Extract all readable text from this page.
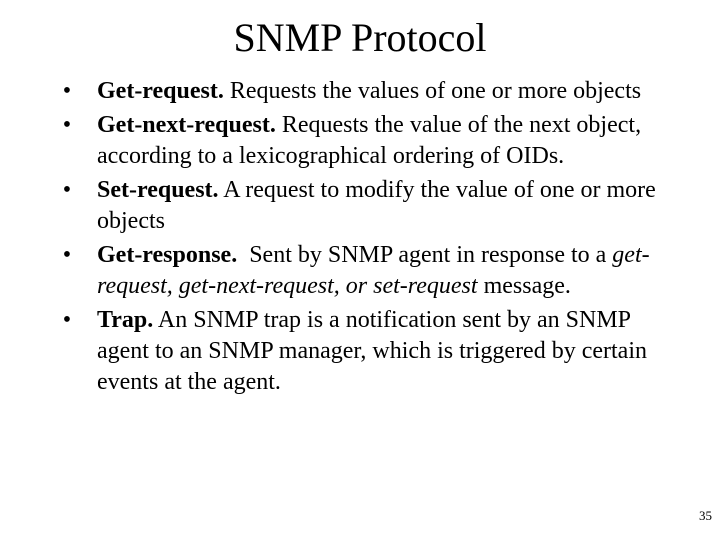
SNMP Protocol
• Get-request. Requests the values of one or more objects
• Get-next-request. Requests the value of the next object, according to a lexicographical ordering of OIDs.
• Set-request. A request to modify the value of one or more objects
• Get-response.  Sent by SNMP agent in response to a get-request, get-next-request, or set-request message.
• Trap. An SNMP trap is a notification sent by an SNMP agent to an SNMP manager, which is triggered by certain events at the agent.
35
